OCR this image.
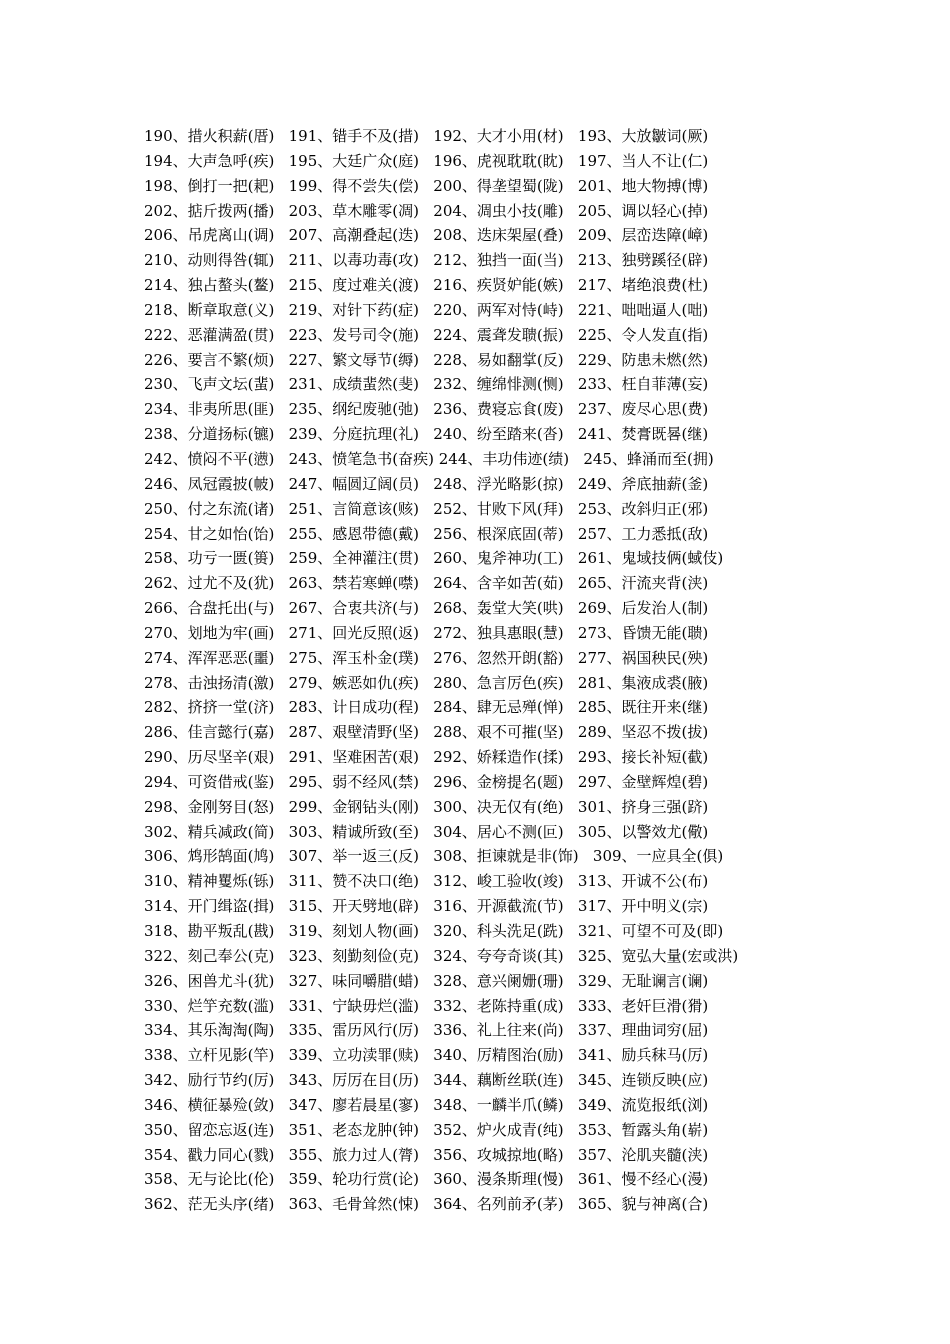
190、措火积薪(厝)   191、错手不及(措)   192、大才小用(材)   193、大放皺词(厥)
194、大声急呼(疾)   195、大廷广众(庭)   196、虎视耽耽(眈)   197、当人不让(仁)
198、倒打一把(耙)   199、得不尝失(偿)   200、得垄望蜀(陇)   201、地大物搏(博)
202、掂斤拨两(播)   203、草木雕零(凋)   204、凋虫小技(雕)   205、调以轻心(掉)
206、吊虎离山(调)   207、高潮叠起(迭)   208、迭床架屋(叠)   209、层峦迭障(嶂)
210、动则得咎(辄)   211、以毒功毒(攻)   212、独挡一面(当)   213、独劈蹊径(辟)
214、独占螯头(鳌)   215、度过难关(渡)   216、疾贤妒能(嫉)   217、堵绝浪费(杜)
218、断章取意(义)   219、对针下药(症)   220、两军对恃(峙)   221、咄咄逼人(咄)
222、恶灌满盈(贯)   223、发号司令(施)   224、震聋发聩(振)   225、令人发直(指)
226、要言不繁(烦)   227、繁文辱节(缛)   228、易如翻掌(反)   229、防患未燃(然)
230、飞声文坛(蜚)   231、成绩蜚然(斐)   232、缠绵悱测(恻)   233、枉自菲薄(妄)
234、非夷所思(匪)   235、纲纪废驰(弛)   236、费寝忘食(废)   237、废尽心思(费)
238、分道扬标(镳)   239、分庭抗理(礼)   240、纷至踏来(沓)   241、焚膏既晷(继)
242、愤闷不平(懑)   243、愤笔急书(奋疾) 244、丰功伟迹(绩)   245、蜂涌而至(拥)
246、凤冠霞披(帔)   247、幅圆辽阔(员)   248、浮光略影(掠)   249、斧底抽薪(釜)
250、付之东流(诸)   251、言简意该(赅)   252、甘败下风(拜)   253、改斜归正(邪)
254、甘之如怡(饴)   255、感恩带德(戴)   256、根深底固(蒂)   257、工力悉抵(敌)
258、功亏一匮(篑)   259、全神灌注(贯)   260、鬼斧神功(工)   261、鬼域技俩(蜮伎)
262、过尤不及(犹)   263、禁若寒蝉(噤)   264、含辛如苦(茹)   265、汗流夹背(浃)
266、合盘托出(与)   267、合衷共济(与)   268、轰堂大笑(哄)   269、后发治人(制)
270、划地为牢(画)   271、回光反照(返)   272、独具惠眼(慧)   273、昏馈无能(聩)
274、浑浑恶恶(噩)   275、浑玉朴金(璞)   276、忽然开朗(豁)   277、祸国秧民(殃)
278、击浊扬清(激)   279、嫉恶如仇(疾)   280、急言厉色(疾)   281、集液成裘(腋)
282、挤挤一堂(济)   283、计日成功(程)   284、肆无忌殚(惮)   285、既往开来(继)
286、佳言懿行(嘉)   287、艰壁清野(坚)   288、艰不可摧(坚)   289、坚忍不拨(拔)
290、历尽坚辛(艰)   291、坚难困苦(艰)   292、娇糅造作(揉)   293、接长补短(截)
294、可资借戒(鉴)   295、弱不经风(禁)   296、金榜提名(题)   297、金壁辉煌(碧)
298、金刚努目(怒)   299、金钢钻头(刚)   300、决无仅有(绝)   301、挤身三强(跻)
302、精兵减政(简)   303、精诚所致(至)   304、居心不测(叵)   305、以警效尤(儆)
306、鸩形鹄面(鸠)   307、举一返三(反)   308、拒谏就是非(饰)   309、一应具全(俱)
310、精神矍烁(铄)   311、赞不决口(绝)   312、峻工验收(竣)   313、开诚不公(布)
314、开门缉盗(揖)   315、开天劈地(辟)   316、开源截流(节)   317、开中明义(宗)
318、勘平叛乱(戡)   319、刻划人物(画)   320、科头洗足(跣)   321、可望不可及(即)
322、刻己奉公(克)   323、刻勤刻俭(克)   324、夸夸奇谈(其)   325、宽弘大量(宏或洪)
326、困兽尤斗(犹)   327、味同嚼腊(蜡)   328、意兴阑姗(珊)   329、无耻谰言(谰)
330、烂竽充数(滥)   331、宁缺毋烂(滥)   332、老陈持重(成)   333、老奸巨滑(猾)
334、其乐淘淘(陶)   335、雷历风行(厉)   336、礼上往来(尚)   337、理曲词穷(屈)
338、立杆见影(竿)   339、立功渎罪(赎)   340、厉精图治(励)   341、励兵秣马(厉)
342、励行节约(厉)   343、厉厉在目(历)   344、藕断丝联(连)   345、连锁反映(应)
346、横征暴殓(敛)   347、廖若晨星(寥)   348、一麟半爪(鳞)   349、流览报纸(浏)
350、留恋忘返(连)   351、老态龙肿(钟)   352、炉火成青(纯)   353、暂露头角(崭)
354、戳力同心(戮)   355、旅力过人(膂)   356、攻城掠地(略)   357、沦肌夹髓(浃)
358、无与论比(伦)   359、轮功行赏(论)   360、漫条斯理(慢)   361、慢不经心(漫)
362、茫无头序(绪)   363、毛骨耸然(悚)   364、名列前矛(茅)   365、貌与神离(合)
